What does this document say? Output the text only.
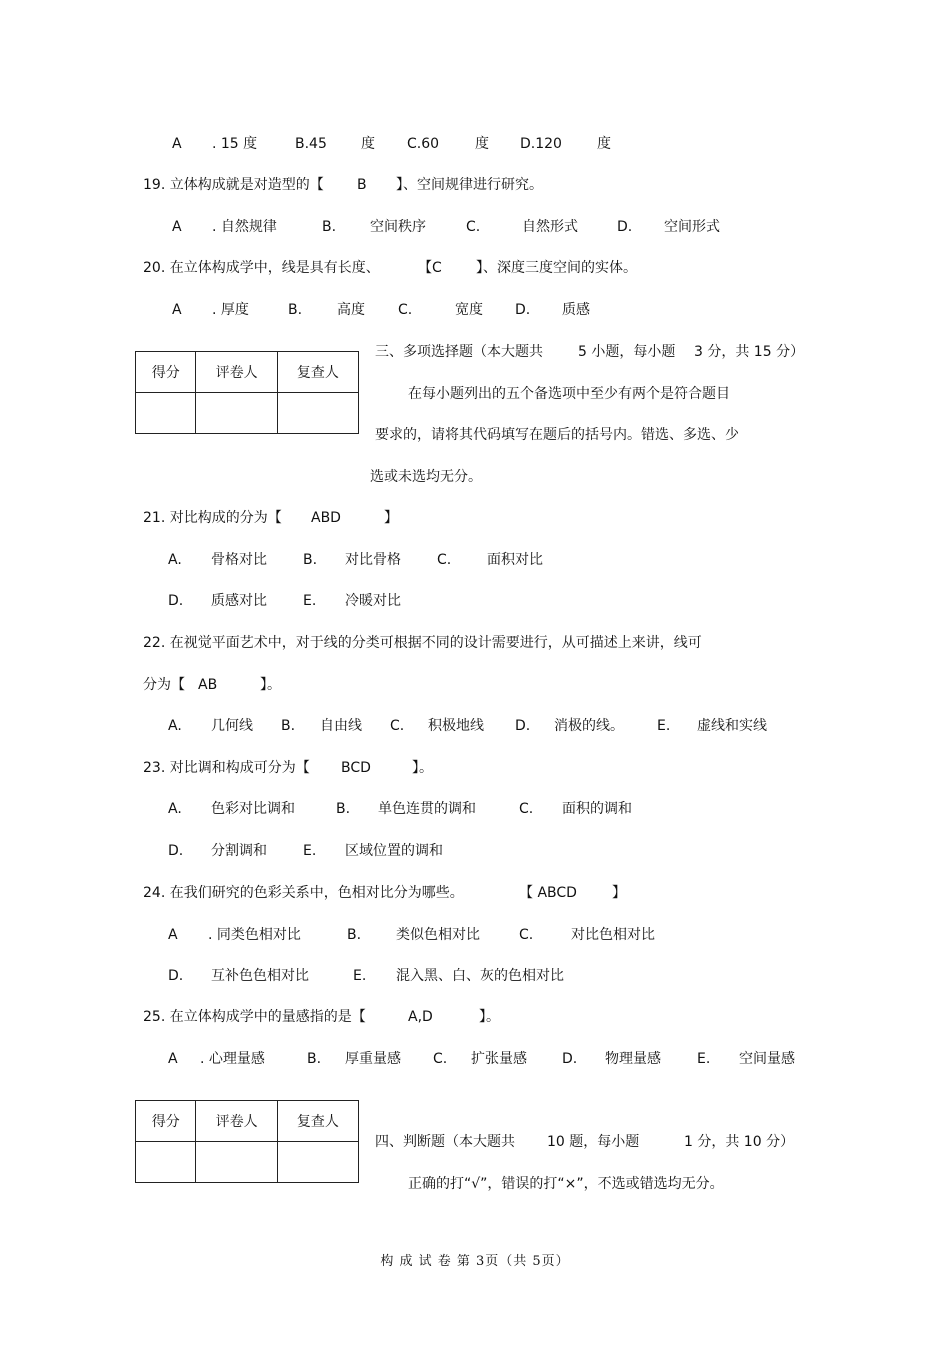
A . 15 度	B.45 度 C.60	度 D.120	度
19. 立体构成就是对造型的【 B 】、空间规律进行研究。
A . 自然规律	B. 空间秩序	C.	自然形式	D. 空间形式
20. 在立体构成学中，线是具有长度、	【C 】、深度三度空间的实体。
A . 厚度	B. 高度 C.	宽度 D. 质感
得分	评卷人	复查人

三、多项选择题（本大题共	5 小题，每小题 3 分，共 15 分）
在每小题列出的五个备选项中至少有两个是符合题目
要求的，请将其代码填写在题后的括号内。错选、多选、少
选或未选均无分。
21. 对比构成的分为【 ABD	】
A. 骨格对比	B. 对比骨格	C.	面积对比
D. 质感对比	E. 冷暖对比
22. 在视觉平面艺术中，对于线的分类可根据不同的设计需要进行，从可描述上来讲，线可
分为【 AB	】。
A. 几何线 B. 自由线 C. 积极地线 D. 消极的线。 E. 虚线和实线
23. 对比调和构成可分为【 BCD	】。
A. 色彩对比调和	B. 单色连贯的调和	C. 面积的调和
D. 分割调和	E. 区域位置的调和
24. 在我们研究的色彩关系中，色相对比分为哪些。	【 ABCD	】
A . 同类色相对比	B. 类似色相对比	C.	对比色相对比
D. 互补色色相对比	E. 混入黑、白、灰的色相对比
25. 在立体构成学中的量感指的是【	A,D	】。
A . 心理量感	B. 厚重量感 C. 扩张量感	D. 物理量感	E. 空间量感
得分	评卷人	复查人

四、判断题（本大题共 10 题，每小题	1 分，共 10 分）
正确的打“√”，错误的打“×”，不选或错选均无分。
构 成 试 卷 第 3页（共 5页）
